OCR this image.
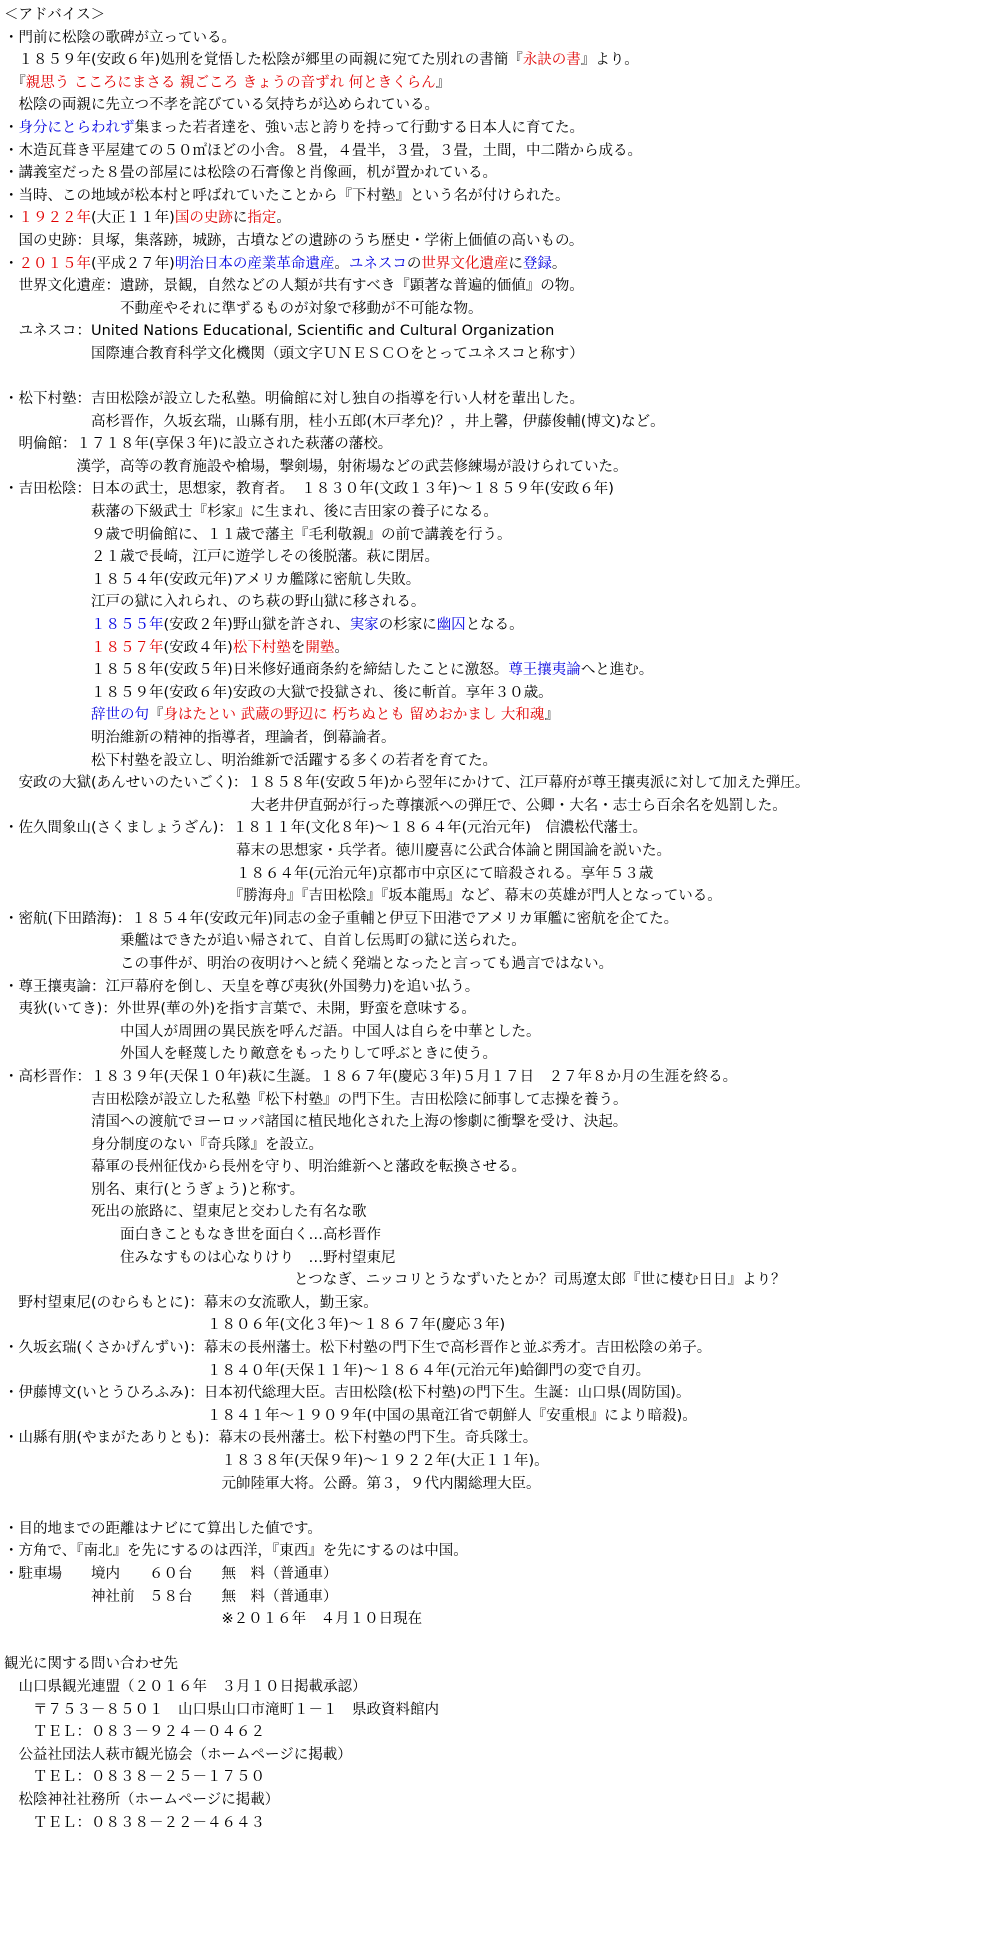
＜アドバイス＞
・門前に松陰の歌碑が立っている。
　１８５９年(安政６年)処刑を覚悟した松陰が郷里の両親に宛てた別れの書簡『永訣の書』より。
　『親思う こころにまさる 親ごころ きょうの音ずれ 何ときくらん』
　松陰の両親に先立つ不孝を詫びている気持ちが込められている。
・身分にとらわれず集まった若者達を、強い志と誇りを持って行動する日本人に育てた。
・木造瓦葺き平屋建ての５０㎡ほどの小舎。８畳，４畳半，３畳，３畳，土間，中二階から成る。
・講義室だった８畳の部屋には松陰の石膏像と肖像画，机が置かれている。
・当時、この地域が松本村と呼ばれていたことから『下村塾』という名が付けられた。
・１９２２年(大正１１年)国の史跡に指定。
　国の史跡：貝塚，集落跡，城跡，古墳などの遺跡のうち歴史・学術上価値の高いもの。
・２０１５年(平成２７年)明治日本の産業革命遺産。ユネスコの世界文化遺産に登録。
　世界文化遺産：遺跡，景観，自然などの人類が共有すべき『顕著な普遍的価値』の物。
　　　　　　　　不動産やそれに準ずるものが対象で移動が不可能な物。
　ユネスコ：United Nations Educational, Scientific and Cultural Organization
　　　　　　国際連合教育科学文化機関（頭文字ＵＮＥＳＣＯをとってユネスコと称す）
・松下村塾：吉田松陰が設立した私塾。明倫館に対し独自の指導を行い人材を輩出した。
　　　　　　高杉晋作，久坂玄瑞，山縣有朋，桂小五郎(木戸孝允)？，井上馨，伊藤俊輔(博文)など。
　明倫館：１７１８年(享保３年)に設立された萩藩の藩校。
　　　　　漢学，高等の教育施設や槍場，撃剣場，射術場などの武芸修練場が設けられていた。
・吉田松陰：日本の武士，思想家，教育者。　１８３０年(文政１３年)～１８５９年(安政６年)
　　　　　　萩藩の下級武士『杉家』に生まれ、後に吉田家の養子になる。
　　　　　　９歳で明倫館に、１１歳で藩主『毛利敬親』の前で講義を行う。
　　　　　　２１歳で長崎，江戸に遊学しその後脱藩。萩に閉居。
　　　　　　１８５４年(安政元年)アメリカ艦隊に密航し失敗。
　　　　　　江戸の獄に入れられ、のち萩の野山獄に移される。
　　　　　　１８５５年(安政２年)野山獄を許され、実家の杉家に幽囚となる。
　　　　　　１８５７年(安政４年)松下村塾を開塾。
　　　　　　１８５８年(安政５年)日米修好通商条約を締結したことに激怒。尊王攘夷論へと進む。
　　　　　　１８５９年(安政６年)安政の大獄で投獄され、後に斬首。享年３０歳。
　　　　　　辞世の句『身はたとい 武蔵の野辺に 朽ちぬとも 留めおかまし 大和魂』
　　　　　　明治維新の精神的指導者，理論者，倒幕論者。
　　　　　　松下村塾を設立し、明治維新で活躍する多くの若者を育てた。
　安政の大獄(あんせいのたいごく)：１８５８年(安政５年)から翌年にかけて、江戸幕府が尊王攘夷派に対して加えた弾圧。
　　　　　　　　　　　　　　　　　大老井伊直弼が行った尊攘派への弾圧で、公卿・大名・志士ら百余名を処罰した。
・佐久間象山(さくましょうざん)：１８１１年(文化８年)～１８６４年(元治元年)　信濃松代藩士。
　　　　　　　　　　　　　　　　幕末の思想家・兵学者。徳川慶喜に公武合体論と開国論を説いた。
　　　　　　　　　　　　　　　　１８６４年(元治元年)京都市中京区にて暗殺される。享年５３歳
　　　　　　　　　　　　　　　　『勝海舟』『吉田松陰』『坂本龍馬』など、幕末の英雄が門人となっている。
・密航(下田踏海)：１８５４年(安政元年)同志の金子重輔と伊豆下田港でアメリカ軍艦に密航を企てた。
　　　　　　　　乗艦はできたが追い帰されて、自首し伝馬町の獄に送られた。
　　　　　　　　この事件が、明治の夜明けへと続く発端となったと言っても過言ではない。
・尊王攘夷論：江戸幕府を倒し、天皇を尊び夷狄(外国勢力)を追い払う。
　夷狄(いてき)：外世界(華の外)を指す言葉で、未開，野蛮を意味する。
　　　　　　　　中国人が周囲の異民族を呼んだ語。中国人は自らを中華とした。
　　　　　　　　外国人を軽蔑したり敵意をもったりして呼ぶときに使う。
・高杉晋作：１８３９年(天保１０年)萩に生誕。１８６７年(慶応３年)５月１７日　２７年８か月の生涯を終る。
　　　　　　吉田松陰が設立した私塾『松下村塾』の門下生。吉田松陰に師事して志操を養う。
　　　　　　清国への渡航でヨーロッパ諸国に植民地化された上海の惨劇に衝撃を受け、決起。
　　　　　　身分制度のない『奇兵隊』を設立。
　　　　　　幕軍の長州征伐から長州を守り、明治維新へと藩政を転換させる。
　　　　　　別名、東行(とうぎょう)と称す。
　　　　　　死出の旅路に、望東尼と交わした有名な歌
　　　　　　　　面白きこともなき世を面白く…高杉晋作
　　　　　　　　住みなすものは心なりけり　…野村望東尼
　　　　　　　　　　　　　　　　　　　　とつなぎ、ニッコリとうなずいたとか？司馬遼太郎『世に棲む日日』より？
　野村望東尼(のむらもとに)：幕末の女流歌人，勤王家。
　　　　　　　　　　　　　　１８０６年(文化３年)～１８６７年(慶応３年)
・久坂玄瑞(くさかげんずい)：幕末の長州藩士。松下村塾の門下生で高杉晋作と並ぶ秀才。吉田松陰の弟子。
　　　　　　　　　　　　　　１８４０年(天保１１年)～１８６４年(元治元年)蛤御門の変で自刃。
・伊藤博文(いとうひろふみ)：日本初代総理大臣。吉田松陰(松下村塾)の門下生。生誕：山口県(周防国)。
　　　　　　　　　　　　　　１８４１年～１９０９年(中国の黒竜江省で朝鮮人『安重根』により暗殺)。
・山縣有朋(やまがたありとも)：幕末の長州藩士。松下村塾の門下生。奇兵隊士。
　　　　　　　　　　　　　　　１８３８年(天保９年)～１９２２年(大正１１年)。
　　　　　　　　　　　　　　　元帥陸軍大将。公爵。第３，９代内閣総理大臣。
・目的地までの距離はナビにて算出した値です。
・方角で、『南北』を先にするのは西洋，『東西』を先にするのは中国。
・駐車場　　境内　　６０台　　無　料（普通車）
　　　　　　神社前　５８台　　無　料（普通車）
　　　　　　　　　　　　　　　※２０１６年　４月１０日現在
観光に関する問い合わせ先
　山口県観光連盟（２０１６年　３月１０日掲載承認）
　　〒７５３－８５０１　山口県山口市滝町１－１　県政資料館内
　　ＴＥＬ：０８３－９２４－０４６２
　公益社団法人萩市観光協会（ホームページに掲載）
　　ＴＥＬ：０８３８－２５－１７５０
　松陰神社社務所（ホームページに掲載）
　　ＴＥＬ：０８３８－２２－４６４３
